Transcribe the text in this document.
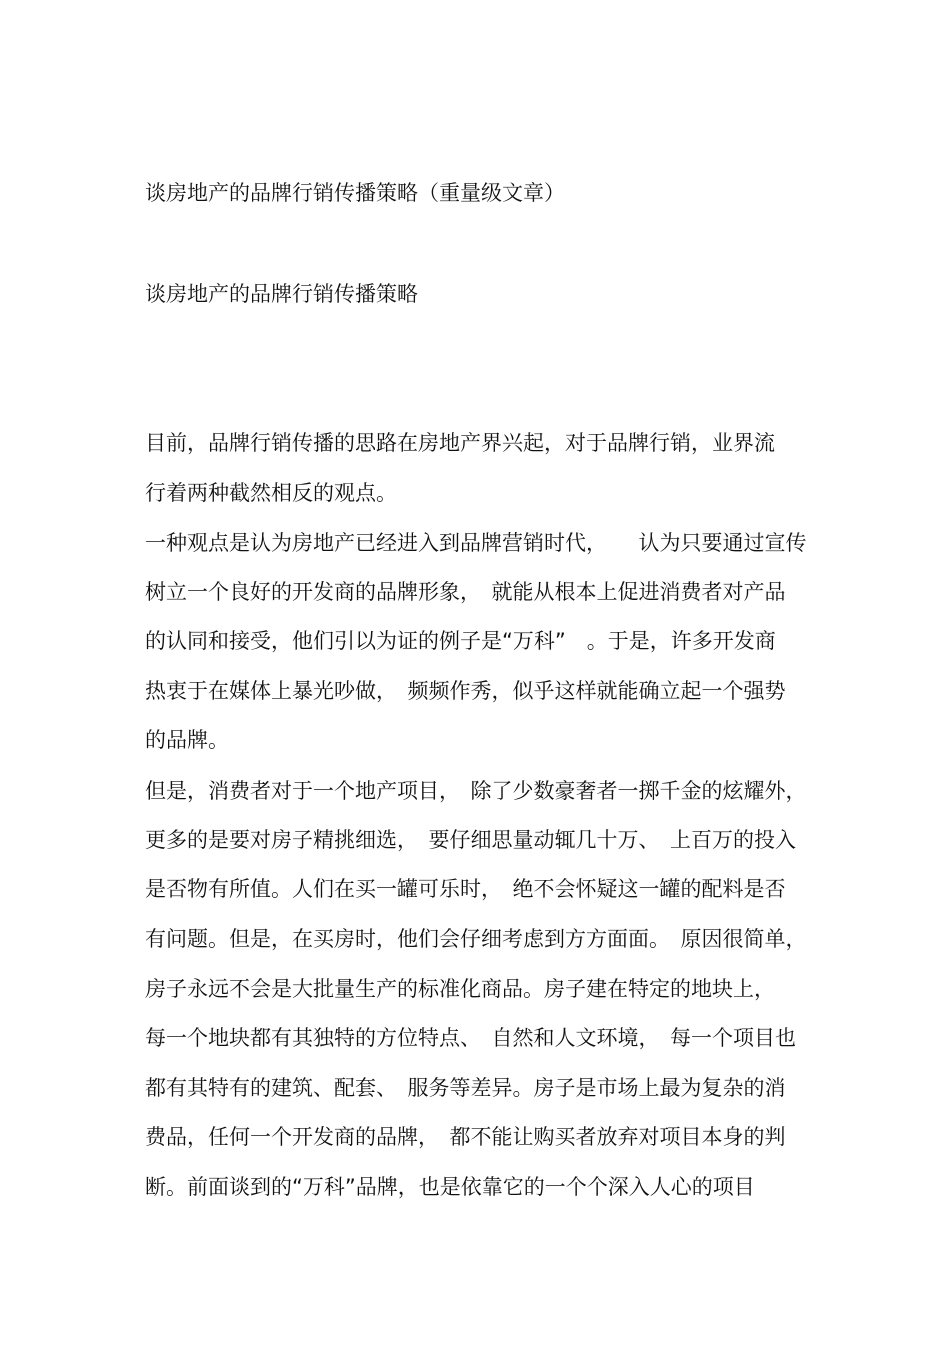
谈房地产的品牌行销传播策略（重量级文章）

谈房地产的品牌行销传播策略

目前，品牌行销传播的思路在房地产界兴起，对于品牌行销，业界流

行着两种截然相反的观点。

一种观点是认为房地产已经进入到品牌营销时代，　　认为只要通过宣传

树立一个良好的开发商的品牌形象，　就能从根本上促进消费者对产品

的认同和接受，他们引以为证的例子是“万科”　。于是，许多开发商

热衷于在媒体上暴光吵做，　频频作秀，似乎这样就能确立起一个强势

的品牌。

但是，消费者对于一个地产项目，　除了少数豪奢者一掷千金的炫耀外，

更多的是要对房子精挑细选，　要仔细思量动辄几十万、　上百万的投入

是否物有所值。人们在买一罐可乐时，　绝不会怀疑这一罐的配料是否

有问题。但是，在买房时，他们会仔细考虑到方方面面。　原因很简单，

房子永远不会是大批量生产的标准化商品。房子建在特定的地块上，

每一个地块都有其独特的方位特点、　自然和人文环境，　每一个项目也

都有其特有的建筑、配套、　服务等差异。房子是市场上最为复杂的消

费品，任何一个开发商的品牌，　都不能让购买者放弃对项目本身的判

断。前面谈到的“万科”品牌，也是依靠它的一个个深入人心的项目
